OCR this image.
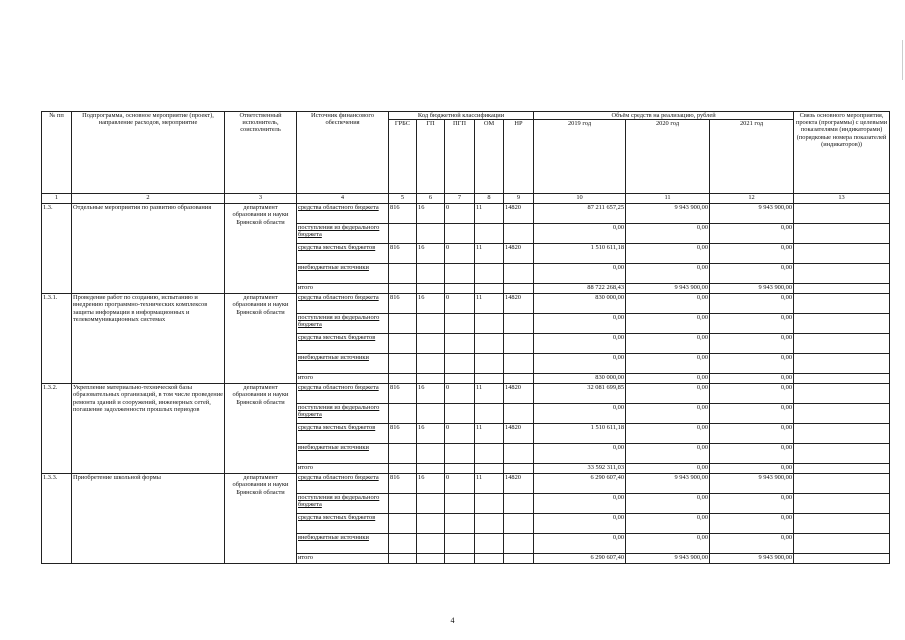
№ пп	Подпрограмма, основное мероприятие (проект), направление расходов, мероприятие	Ответственный исполнитель, соисполнитель	Источник финансового обеспечения	Код бюджетной классификации					Объём средств на реализацию, рублей			Связь основного мероприятия, проекта (программы) с целевыми показателями (индикаторами) (порядковые номера показателей (индикаторов))
				ГРБС	ГП	ПГП	ОМ	НР	2019 год	2020 год	2021 год	
1	2	3	4	5	6	7	8	9	10	11	12	13
1.3.	Отдельные мероприятия по развитию образования	департамент образования и науки Брянской области	средства областного бюджета	816	16	0	11	14820	87 211 657,25	9 943 900,00	9 943 900,00	
			поступления из федерального бюджета						0,00	0,00	0,00	
			средства местных бюджетов	816	16	0	11	14820	1 510 611,18	0,00	0,00	
			внебюджетные источники						0,00	0,00	0,00	
			итого						88 722 268,43	9 943 900,00	9 943 900,00	
1.3.1.	Проведение работ по созданию, испытанию и внедрению программно-технических комплексов защиты информации в информационных и телекоммуникационных системах	департамент образования и науки Брянской области	средства областного бюджета	816	16	0	11	14820	830 000,00	0,00	0,00	
			поступления из федерального бюджета						0,00	0,00	0,00	
			средства местных бюджетов						0,00	0,00	0,00	
			внебюджетные источники						0,00	0,00	0,00	
			итого						830 000,00	0,00	0,00	
1.3.2.	Укрепление материально-технической базы образовательных организаций, в том числе проведение ремонта зданий и сооружений, инженерных сетей, погашение задолженности прошлых периодов	департамент образования и науки Брянской области	средства областного бюджета	816	16	0	11	14820	32 081 699,85	0,00	0,00	
			поступления из федерального бюджета						0,00	0,00	0,00	
			средства местных бюджетов	816	16	0	11	14820	1 510 611,18	0,00	0,00	
			внебюджетные источники						0,00	0,00	0,00	
			итого						33 592 311,03	0,00	0,00	
1.3.3.	Приобретение школьной формы	департамент образования и науки Брянской области	средства областного бюджета	816	16	0	11	14820	6 290 607,40	9 943 900,00	9 943 900,00	
			поступления из федерального бюджета						0,00	0,00	0,00	
			средства местных бюджетов						0,00	0,00	0,00	
			внебюджетные источники						0,00	0,00	0,00	
			итого						6 290 607,40	9 943 900,00	9 943 900,00	
4
